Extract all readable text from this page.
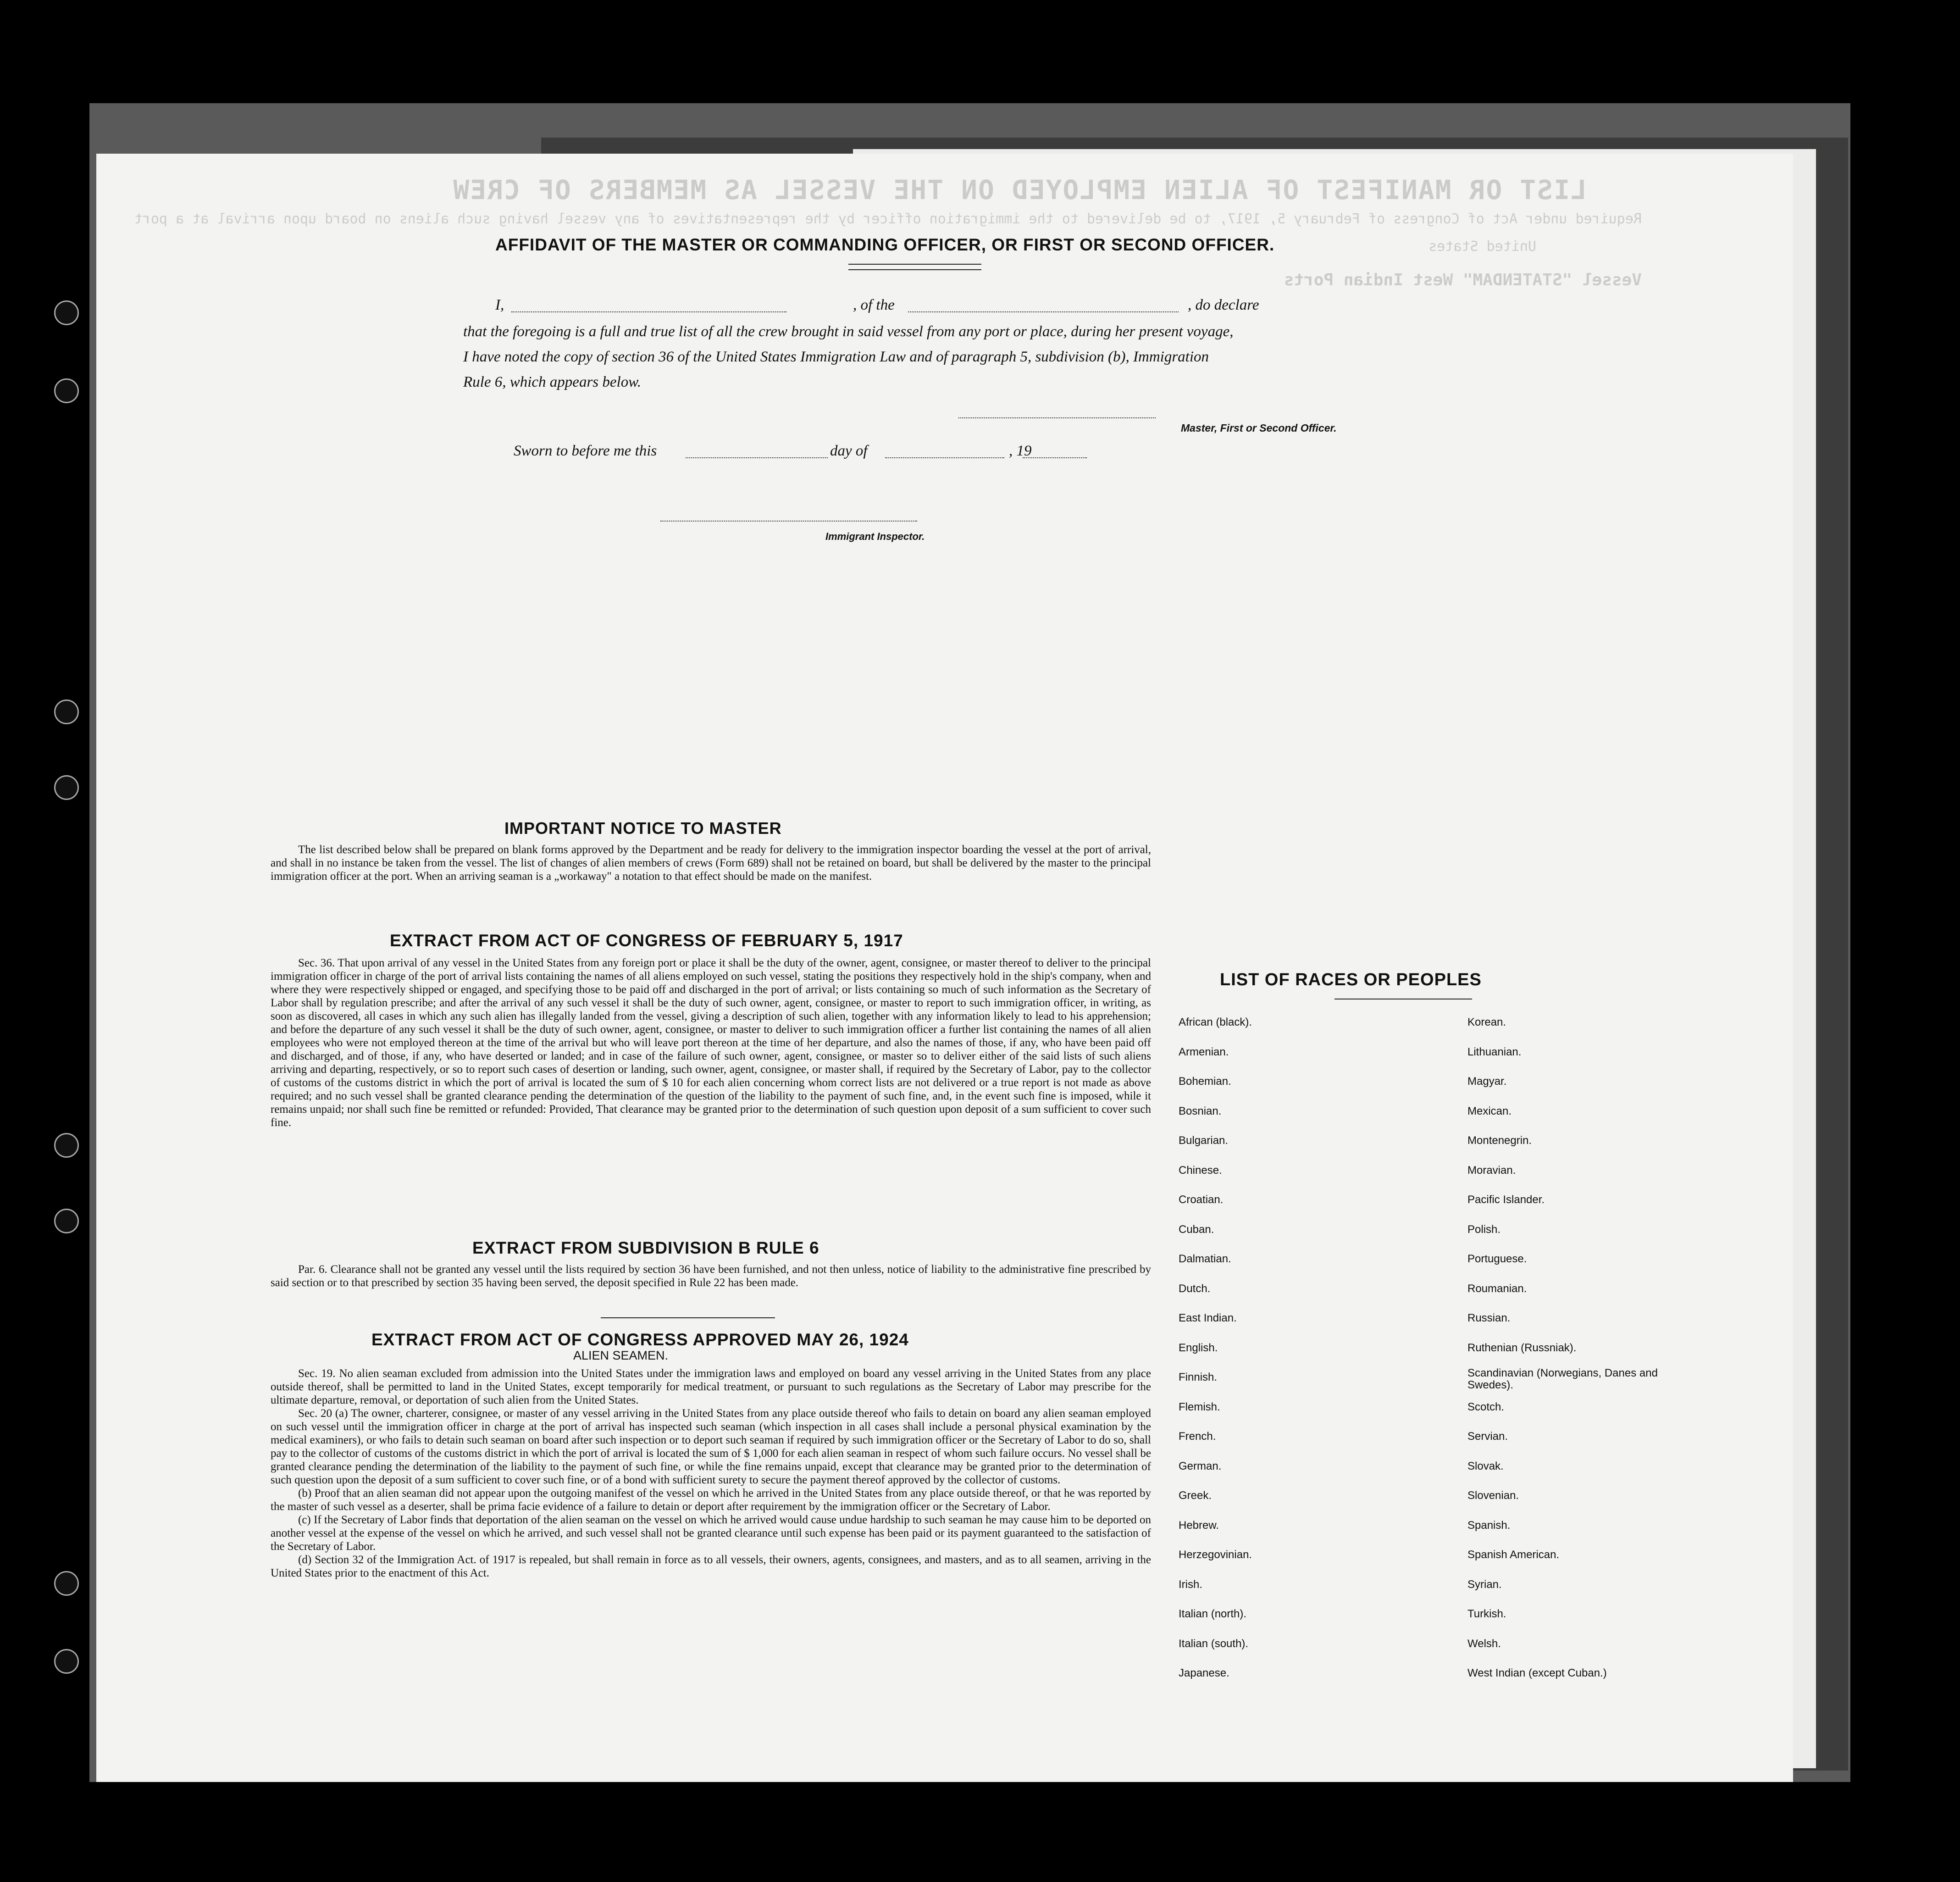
LIST OR MANIFEST OF ALIEN EMPLOYED ON THE VESSEL AS MEMBERS OF CREW
Required under Act of Congress of February 5, 1917, to be delivered to the immigration officer by the representatives of any vessel having such aliens on board upon arrival at a port
United States
Vessel "STATENDAM" West Indian Ports
AFFIDAVIT OF THE MASTER OR COMMANDING OFFICER, OR FIRST OR SECOND OFFICER.
I,	, of the	, do declare
that the foregoing is a full and true list of all the crew brought in said vessel from any port or place, during her present voyage,
I have noted the copy of section 36 of the United States Immigration Law and of paragraph 5, subdivision (b), Immigration
Rule 6, which appears below.
Master, First or Second Officer.
Sworn to before me this	day of	, 19
Immigrant Inspector.
IMPORTANT NOTICE TO MASTER

The list described below shall be prepared on blank forms approved by the Department and be ready for delivery to the immigration inspector boarding the vessel at the port of arrival, and shall in no instance be taken from the vessel. The list of changes of alien members of crews (Form 689) shall not be retained on board, but shall be delivered by the master to the principal immigration officer at the port. When an arriving seaman is a „workaway" a notation to that effect should be made on the manifest.

EXTRACT FROM ACT OF CONGRESS OF FEBRUARY 5, 1917

Sec. 36. That upon arrival of any vessel in the United States from any foreign port or place it shall be the duty of the owner, agent, consignee, or master thereof to deliver to the principal immigration officer in charge of the port of arrival lists containing the names of all aliens employed on such vessel, stating the positions they respectively hold in the ship's company, when and where they were respectively shipped or engaged, and specifying those to be paid off and discharged in the port of arrival; or lists containing so much of such information as the Secretary of Labor shall by regulation prescribe; and after the arrival of any such vessel it shall be the duty of such owner, agent, consignee, or master to report to such immigration officer, in writing, as soon as discovered, all cases in which any such alien has illegally landed from the vessel, giving a description of such alien, together with any information likely to lead to his apprehension; and before the departure of any such vessel it shall be the duty of such owner, agent, consignee, or master to deliver to such immigration officer a further list containing the names of all alien employees who were not employed thereon at the time of the arrival but who will leave port thereon at the time of her departure, and also the names of those, if any, who have been paid off and discharged, and of those, if any, who have deserted or landed; and in case of the failure of such owner, agent, consignee, or master so to deliver either of the said lists of such aliens arriving and departing, respectively, or so to report such cases of desertion or landing, such owner, agent, consignee, or master shall, if required by the Secretary of Labor, pay to the collector of customs of the customs district in which the port of arrival is located the sum of $ 10 for each alien concerning whom correct lists are not delivered or a true report is not made as above required; and no such vessel shall be granted clearance pending the determination of the question of the liability to the payment of such fine, and, in the event such fine is imposed, while it remains unpaid; nor shall such fine be remitted or refunded: Provided, That clearance may be granted prior to the determination of such question upon deposit of a sum sufficient to cover such fine.

EXTRACT FROM SUBDIVISION B RULE 6

Par. 6. Clearance shall not be granted any vessel until the lists required by section 36 have been furnished, and not then unless, notice of liability to the administrative fine prescribed by said section or to that prescribed by section 35 having been served, the deposit specified in Rule 22 has been made.

EXTRACT FROM ACT OF CONGRESS APPROVED MAY 26, 1924
ALIEN SEAMEN.

Sec. 19. No alien seaman excluded from admission into the United States under the immigration laws and employed on board any vessel arriving in the United States from any place outside thereof, shall be permitted to land in the United States, except temporarily for medical treatment, or pursuant to such regulations as the Secretary of Labor may prescribe for the ultimate departure, removal, or deportation of such alien from the United States.

Sec. 20 (a) The owner, charterer, consignee, or master of any vessel arriving in the United States from any place outside thereof who fails to detain on board any alien seaman employed on such vessel until the immigration officer in charge at the port of arrival has inspected such seaman (which inspection in all cases shall include a personal physical examination by the medical examiners), or who fails to detain such seaman on board after such inspection or to deport such seaman if required by such immigration officer or the Secretary of Labor to do so, shall pay to the collector of customs of the customs district in which the port of arrival is located the sum of $ 1,000 for each alien seaman in respect of whom such failure occurs. No vessel shall be granted clearance pending the determination of the liability to the payment of such fine, or while the fine remains unpaid, except that clearance may be granted prior to the determination of such question upon the deposit of a sum sufficient to cover such fine, or of a bond with sufficient surety to secure the payment thereof approved by the collector of customs.

(b) Proof that an alien seaman did not appear upon the outgoing manifest of the vessel on which he arrived in the United States from any place outside thereof, or that he was reported by the master of such vessel as a deserter, shall be prima facie evidence of a failure to detain or deport after requirement by the immigration officer or the Secretary of Labor.

(c) If the Secretary of Labor finds that deportation of the alien seaman on the vessel on which he arrived would cause undue hardship to such seaman he may cause him to be deported on another vessel at the expense of the vessel on which he arrived, and such vessel shall not be granted clearance until such expense has been paid or its payment guaranteed to the satisfaction of the Secretary of Labor.

(d) Section 32 of the Immigration Act. of 1917 is repealed, but shall remain in force as to all vessels, their owners, agents, consignees, and masters, and as to all seamen, arriving in the United States prior to the enactment of this Act.

LIST OF RACES OR PEOPLES
African (black).
Armenian.
Bohemian.
Bosnian.
Bulgarian.
Chinese.
Croatian.
Cuban.
Dalmatian.
Dutch.
East Indian.
English.
Finnish.
Flemish.
French.
German.
Greek.
Hebrew.
Herzegovinian.
Irish.
Italian (north).
Italian (south).
Japanese.
Korean.
Lithuanian.
Magyar.
Mexican.
Montenegrin.
Moravian.
Pacific Islander.
Polish.
Portuguese.
Roumanian.
Russian.
Ruthenian (Russniak).
Scandinavian (Norwegians, Danes and Swedes).
Scotch.
Servian.
Slovak.
Slovenian.
Spanish.
Spanish American.
Syrian.
Turkish.
Welsh.
West Indian (except Cuban.)
